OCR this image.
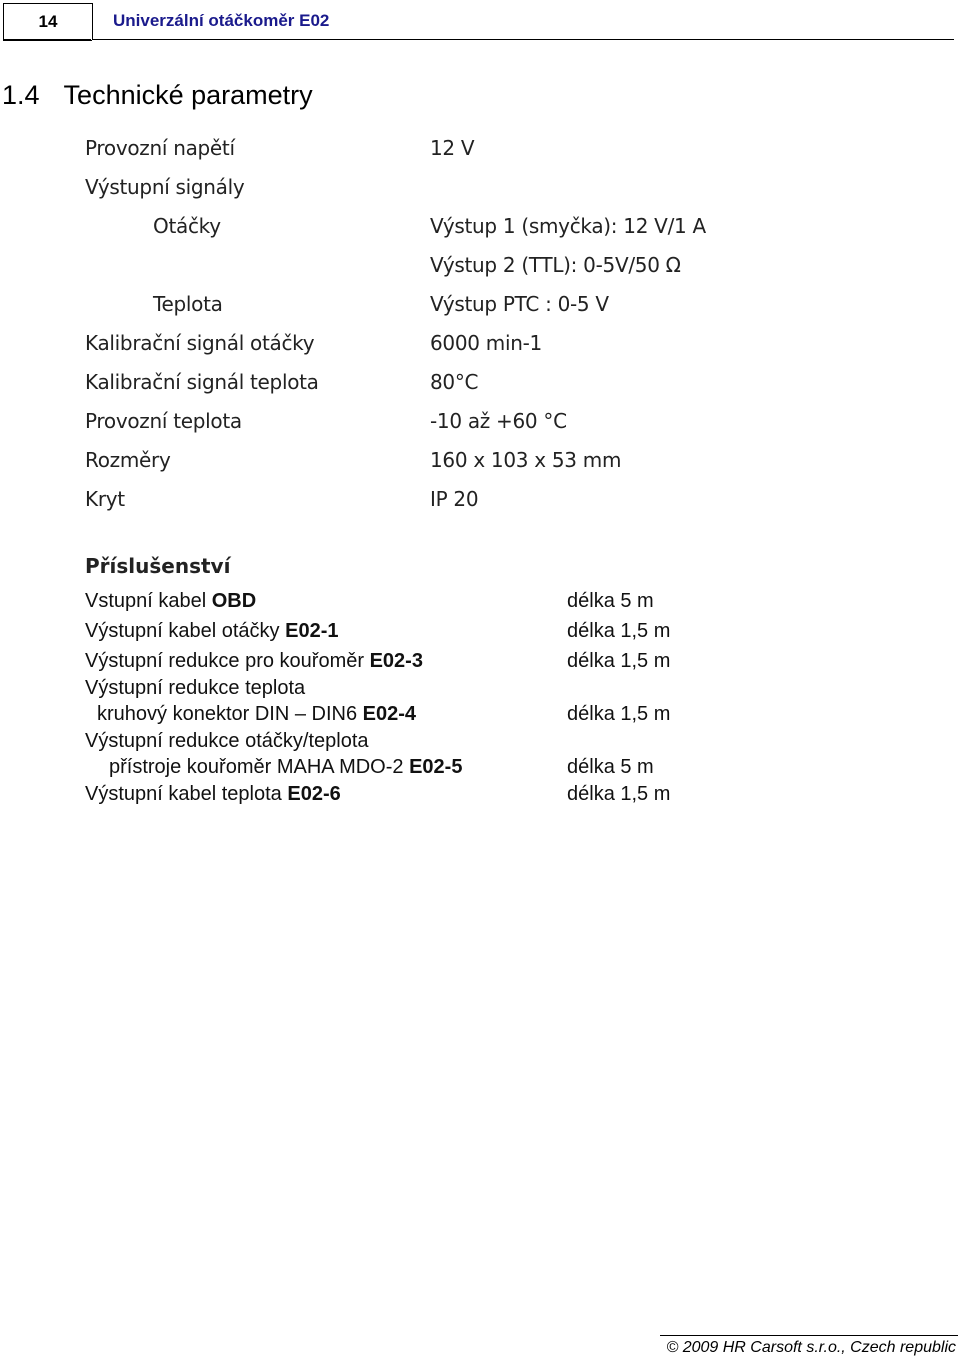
14	Univerzální otáčkoměr E02
1.4 Technické parametry
Provozní napětí	12 V
Výstupní signály
Otáčky	Výstup 1 (smyčka): 12 V/1 A
Výstup 2 (TTL): 0-5V/50 Ω
Teplota	Výstup PTC : 0-5 V
Kalibrační signál otáčky	6000 min-1
Kalibrační signál teplota	80°C
Provozní teplota	-10 až +60 °C
Rozměry	160 x 103 x 53 mm
Kryt	IP 20
Příslušenství
Vstupní kabel OBD	délka 5 m
Výstupní kabel otáčky E02-1	délka 1,5 m
Výstupní redukce pro kouřoměr E02-3	délka 1,5 m
Výstupní redukce teplota
kruhový konektor DIN – DIN6 E02-4	délka 1,5 m
Výstupní redukce otáčky/teplota
přístroje kouřoměr MAHA MDO-2 E02-5	délka 5 m
Výstupní kabel teplota E02-6	délka 1,5 m
© 2009 HR Carsoft s.r.o., Czech republic
